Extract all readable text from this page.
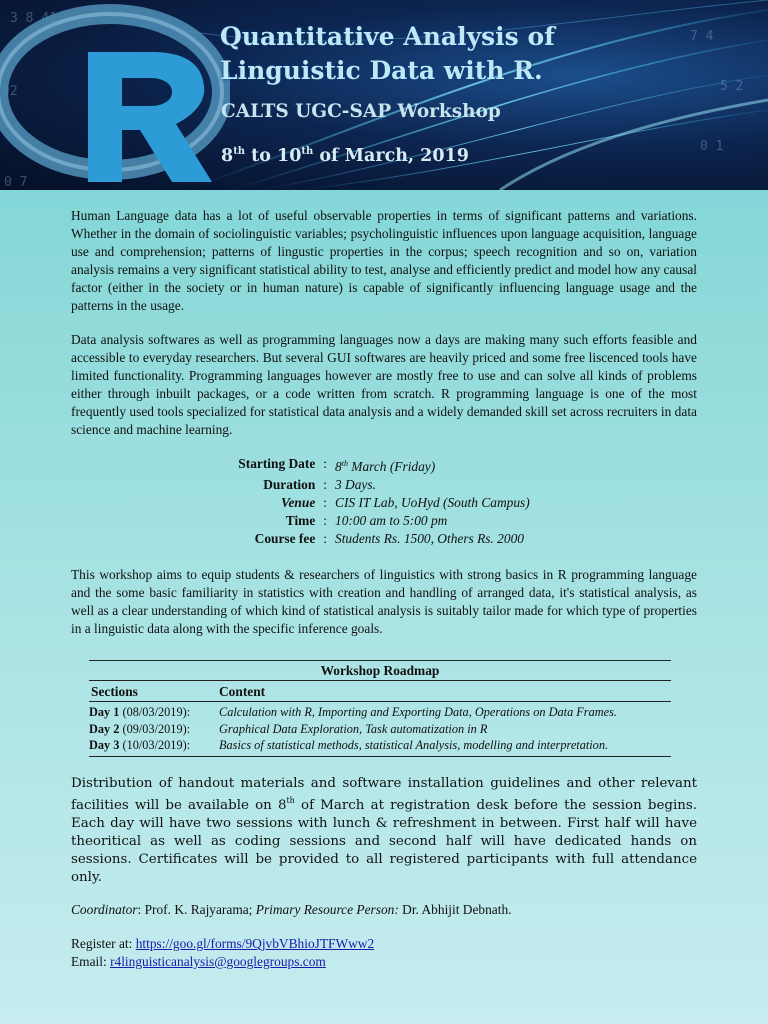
3 8 41
92
0 7
7 4
5 2
0 1
Quantitative Analysis of
Linguistic Data with R.
CALTS UGC-SAP Workshop
8th to 10th of March, 2019

Human Language data has a lot of useful observable properties in terms of significant patterns and variations. Whether in the domain of sociolinguistic variables; psycholinguistic influences upon language acquisition, language use and comprehension; patterns of lingustic properties in the corpus; speech recognition and so on, variation analysis remains a very significant statistical ability to test, analyse and efficiently predict and model how any causal factor (either in the society or in human nature) is capable of significantly influencing language usage and the patterns in the usage.

Data analysis softwares as well as programming languages now a days are making many such efforts feasible and accessible to everyday researchers. But several GUI softwares are heavily priced and some free liscenced tools have limited functionality. Programming languages however are mostly free to use and can solve all kinds of problems either through inbuilt packages, or a code written from scratch. R programming language is one of the most frequently used tools specialized for statistical data analysis and a widely demanded skill set across recruiters in data science and machine learning.

Starting Date	:	8th March (Friday)
Duration	:	3 Days.
Venue	:	CIS IT Lab, UoHyd (South Campus)
Time	:	10:00 am to 5:00 pm
Course fee	:	Students Rs. 1500, Others Rs. 2000

This workshop aims to equip students & researchers of linguistics with strong basics in R programming language and the some basic familiarity in statistics with creation and handling of arranged data, it's statistical analysis, as well as a clear understanding of which kind of statistical analysis is suitably tailor made for which type of properties in a linguistic data along with the specific inference goals.

Workshop Roadmap
Sections	Content
Day 1 (08/03/2019):	Calculation with R, Importing and Exporting Data, Operations on Data Frames.
Day 2 (09/03/2019):	Graphical Data Exploration, Task automatization in R
Day 3 (10/03/2019):	Basics of statistical methods, statistical Analysis, modelling and interpretation.

Distribution of handout materials and software installation guidelines and other relevant facilities will be available on 8th of March at registration desk before the session begins. Each day will have two sessions with lunch & refreshment in between. First half will have theoritical as well as coding sessions and second half will have dedicated hands on sessions. Certificates will be provided to all registered participants with full attendance only.

Coordinator: Prof. K. Rajyarama; Primary Resource Person: Dr. Abhijit Debnath.

Register at: https://goo.gl/forms/9QjvbVBhioJTFWww2
Email: r4linguisticanalysis@googlegroups.com
